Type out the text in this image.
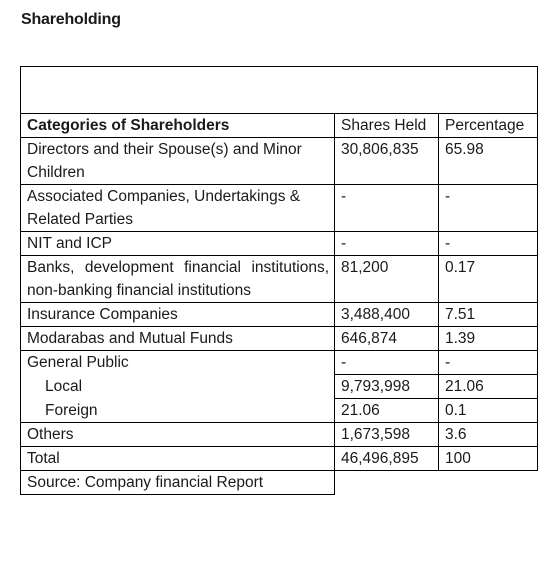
Shareholding

Categories of Shareholders	Shares Held	Percentage
Directors and their Spouse(s) and Minor Children	30,806,835	65.98
Associated Companies, Undertakings & Related Parties	-	-
NIT and ICP	-	-
Banks, development financial institutions, non-banking financial institutions	81,200	0.17
Insurance Companies	3,488,400	7.51
Modarabas and Mutual Funds	646,874	1.39
General Public	-	-
Local	9,793,998	21.06
Foreign	21.06	0.1
Others	1,673,598	3.6
Total	46,496,895	100
Source: Company financial Report		
